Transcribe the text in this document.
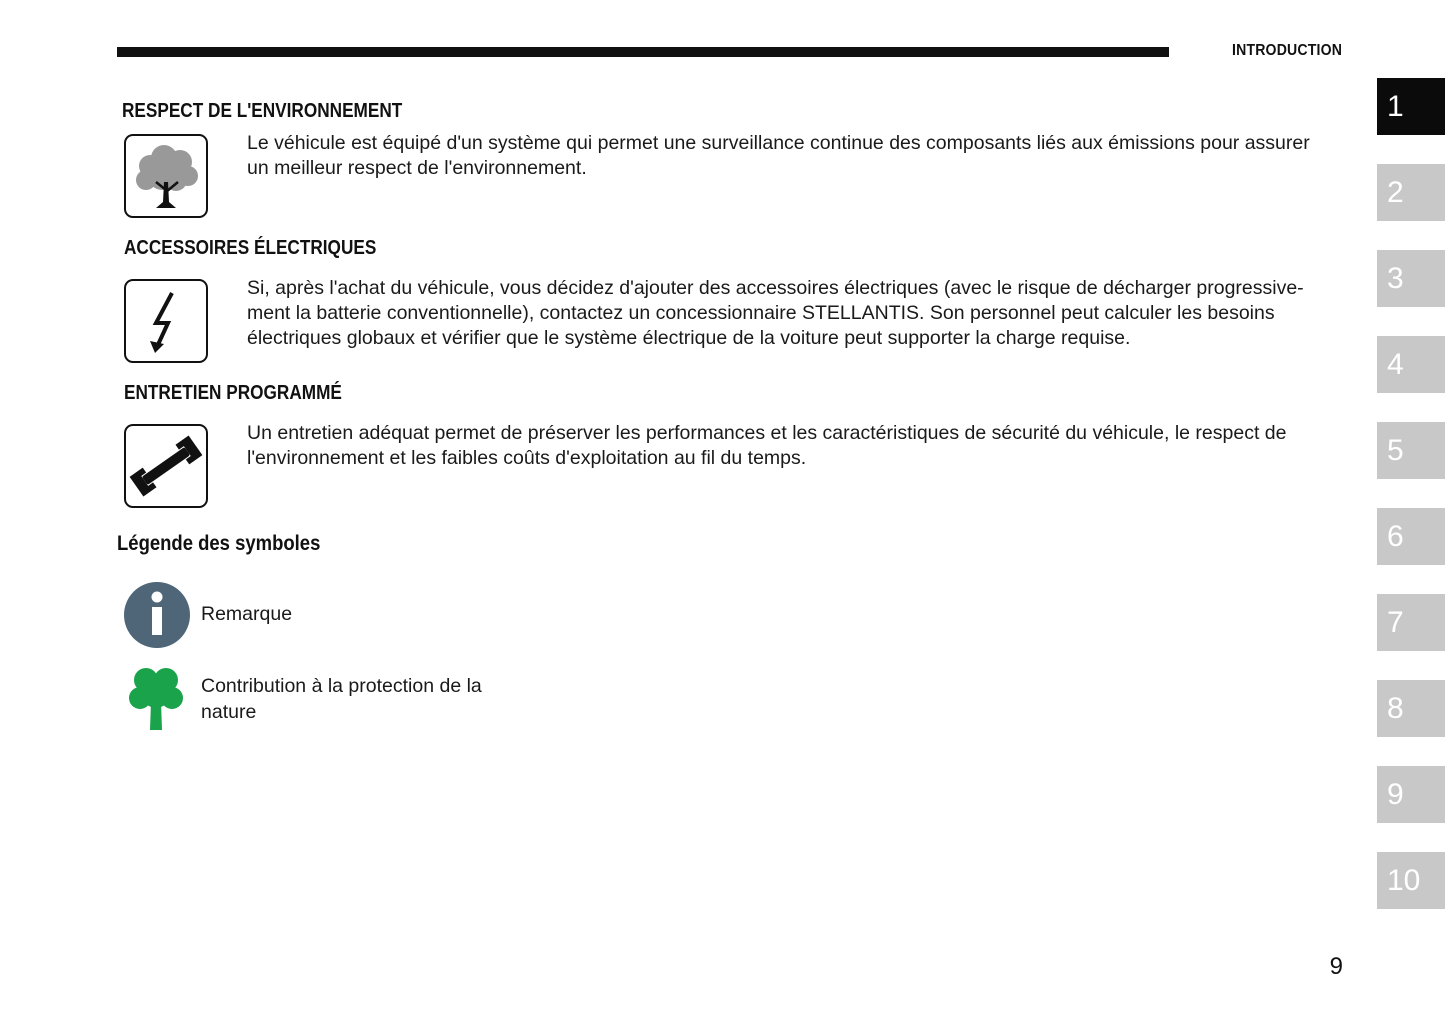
INTRODUCTION
RESPECT DE L'ENVIRONNEMENT
Le véhicule est équipé d'un système qui permet une surveillance continue des composants liés aux émissions pour assurer un meilleur respect de l'environnement.
ACCESSOIRES ÉLECTRIQUES
Si, après l'achat du véhicule, vous décidez d'ajouter des accessoires électriques (avec le risque de décharger progressive-ment la batterie conventionnelle), contactez un concessionnaire STELLANTIS. Son personnel peut calculer les besoins électriques globaux et vérifier que le système électrique de la voiture peut supporter la charge requise.
ENTRETIEN PROGRAMMÉ
Un entretien adéquat permet de préserver les performances et les caractéristiques de sécurité du véhicule, le respect de l'environnement et les faibles coûts d'exploitation au fil du temps.
Légende des symboles
Remarque
Contribution à la protection de la nature
1
2
3
4
5
6
7
8
9
10
9
